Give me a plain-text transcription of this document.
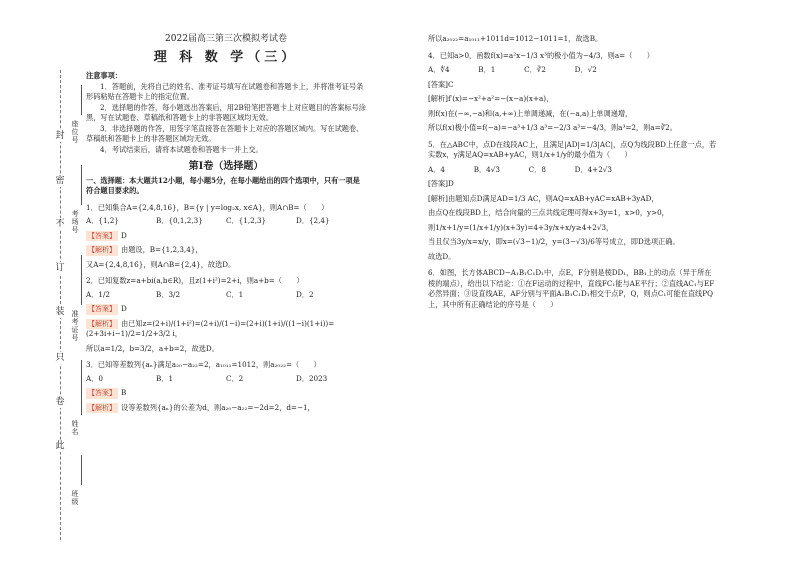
封
密
不
订
装
只
卷
此
座位号
考场号
准考证号
姓名
班级
2022届高三第三次模拟考试卷
理 科 数 学（三）
注意事项：

1．答题前，先将自己的姓名、准考证号填写在试题卷和答题卡上，并将准考证号条形码粘贴在答题卡上的指定位置。

2．选择题的作答，每小题选出答案后，用2B铅笔把答题卡上对应题目的答案标号涂黑，写在试题卷、草稿纸和答题卡上的非答题区域均无效。

3．非选择题的作答，用签字笔直接答在答题卡上对应的答题区域内。写在试题卷、草稿纸和答题卡上的非答题区域均无效。

4．考试结束后，请将本试题卷和答题卡一并上交。

第Ⅰ卷（选择题）
一、选择题：本大题共12小题，每小题5分，在每小题给出的四个选项中，只有一项是符合题目要求的。
1．已知集合A={2,4,8,16}，B={y | y=log₂x, x∈A}，则A∩B=（　　）
A．{1,2}	B．{0,1,2,3}	C．{1,2,3}	D．{2,4}
【答案】 D
【解析】 由题设，B={1,2,3,4}，
又A={2,4,8,16}，则A∩B={2,4}，故选D。
2．已知复数z=a+bi(a,b∈R)，且z(1+i²)=2+i，则a+b=（　　）
A．1/2	B．3/2	C．1	D．2
【答案】 D
【解析】 由已知z=(2+i)/(1+i²)=(2+i)/(1−i)=(2+i)(1+i)/((1−i)(1+i))=(2+3i+i−1)/2=1/2+3/2 i，
所以a=1/2，b=3/2，a+b=2，故选D。
3．已知等差数列{aₙ}满足a₂₀−a₂₂=2，a₁₀₁₁=1012，则a₂₀₂₂=（　　）
A．0	B．1	C．2	D．2023
【答案】 B
【解析】 设等差数列{aₙ}的公差为d，则a₂₀−a₂₂=−2d=2，d=−1，
所以a₂₀₂₂=a₁₀₁₁+1011d=1012−1011=1，故选B。
4．已知a>0，函数f(x)=a²x−1/3 x³的极小值为−4/3，则a=（　　）
A．∜4　　　　B．1　　　　C．∛2　　　　D．√2
[答案]C
[解析]f′(x)=−x²+a²=−(x−a)(x+a)，
则f(x)在(−∞,−a)和(a,+∞)上单调递减，在(−a,a)上单调递增，
所以f(x)极小值=f(−a)=−a³+1/3 a³=−2/3 a³=−4/3，则a³=2，则a=∛2。
5．在△ABC中，点D在线段AC上，且满足|AD|=1/3|AC|，点Q为线段BD上任意一点，若实数x，y满足AQ=xAB+yAC，则1/x+1/y的最小值为（　　）
A．4　　　　B．4√3　　　　C．8　　　　D．4+2√3
[答案]D
[解析]由题知点D满足AD=1/3 AC，则AQ=xAB+yAC=xAB+3yAD，
由点Q在线段BD上，结合向量的三点共线定理可得x+3y=1，x>0，y>0，
则1/x+1/y=(1/x+1/y)(x+3y)=4+3y/x+x/y≥4+2√3，
当且仅当3y/x=x/y，即x=(√3−1)/2，y=(3−√3)/6等号成立，即D选项正确。
故选D。
6．如图，长方体ABCD−A₁B₁C₁D₁中，点E，F分别是棱DD₁，BB₁上的动点（异于所在棱的端点），给出以下结论：①在F运动的过程中，直线FC₁能与AE平行；②直线AC₁与EF必然异面；③设直线AE，AF分别与平面A₁B₁C₁D₁相交于点P，Q，则点C₁可能在直线PQ上，其中所有正确结论的序号是（　　）
